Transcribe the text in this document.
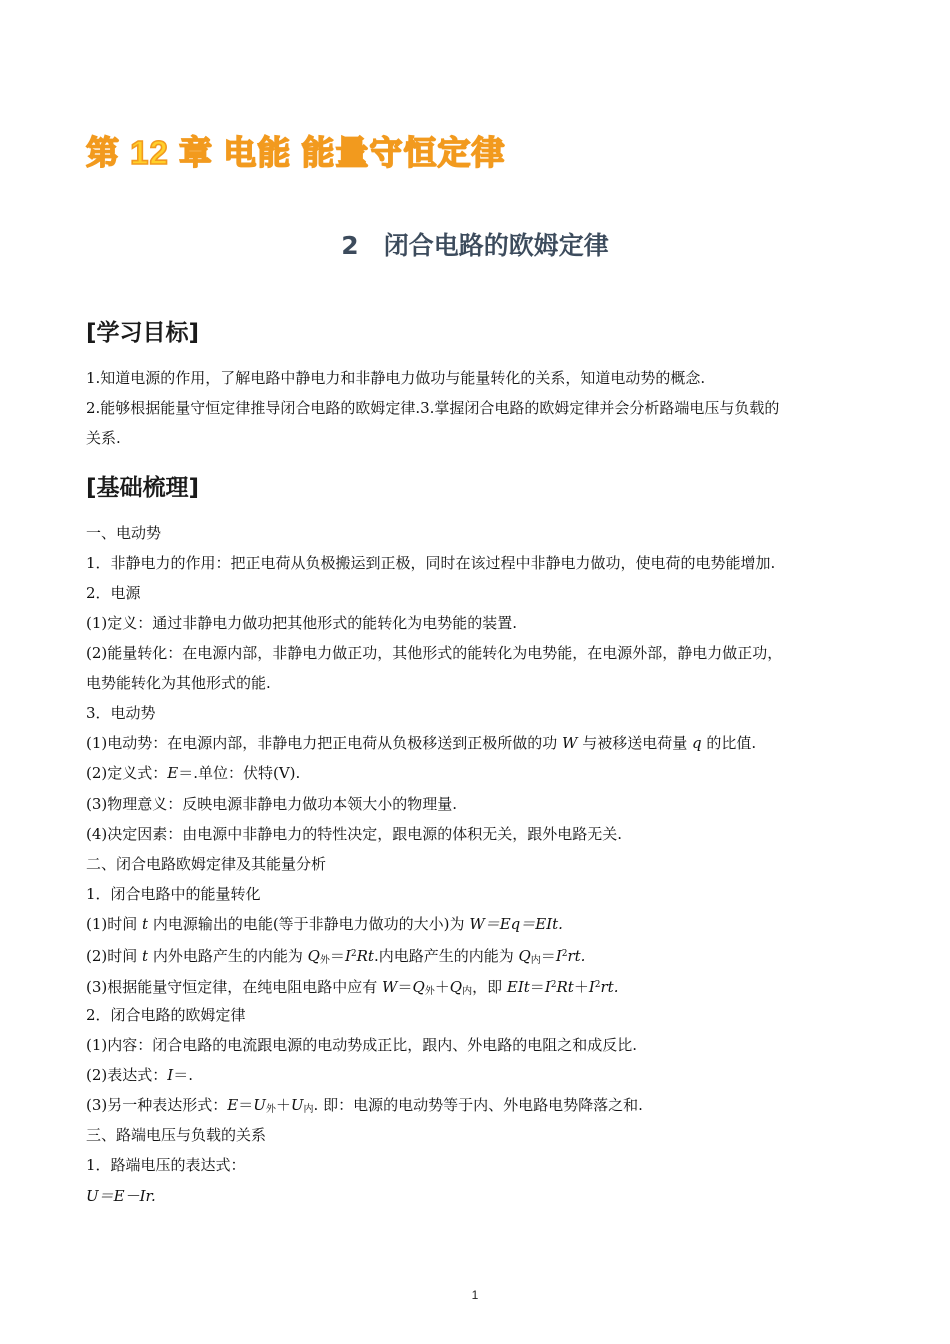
第 12 章 电能 能量守恒定律
2　闭合电路的欧姆定律
[学习目标]
1.知道电源的作用，了解电路中静电力和非静电力做功与能量转化的关系，知道电动势的概念.
2.能够根据能量守恒定律推导闭合电路的欧姆定律.3.掌握闭合电路的欧姆定律并会分析路端电压与负载的
关系.
[基础梳理]
一、电动势
1．非静电力的作用：把正电荷从负极搬运到正极，同时在该过程中非静电力做功，使电荷的电势能增加.
2．电源
(1)定义：通过非静电力做功把其他形式的能转化为电势能的装置.
(2)能量转化：在电源内部，非静电力做正功，其他形式的能转化为电势能，在电源外部，静电力做正功，
电势能转化为其他形式的能.
3．电动势
(1)电动势：在电源内部，非静电力把正电荷从负极移送到正极所做的功 W 与被移送电荷量 q 的比值.
(2)定义式：E＝.单位：伏特(V).
(3)物理意义：反映电源非静电力做功本领大小的物理量.
(4)决定因素：由电源中非静电力的特性决定，跟电源的体积无关，跟外电路无关.
二、闭合电路欧姆定律及其能量分析
1．闭合电路中的能量转化
(1)时间 t 内电源输出的电能(等于非静电力做功的大小)为 W＝Eq＝EIt.
(2)时间 t 内外电路产生的内能为 $Q_外=I^2Rt$.内电路产生的内能为 $Q_内=I^2rt$.
(3)根据能量守恒定律，在纯电阻电路中应有 $W=Q_外+Q_内$，即 $EIt=I^2Rt+I^2rt$.
2．闭合电路的欧姆定律
(1)内容：闭合电路的电流跟电源的电动势成正比，跟内、外电路的电阻之和成反比.
(2)表达式：I＝.
(3)另一种表达形式：$E=U_外+U_内$. 即：电源的电动势等于内、外电路电势降落之和.
三、路端电压与负载的关系
1．路端电压的表达式：
U＝E－Ir.
1
